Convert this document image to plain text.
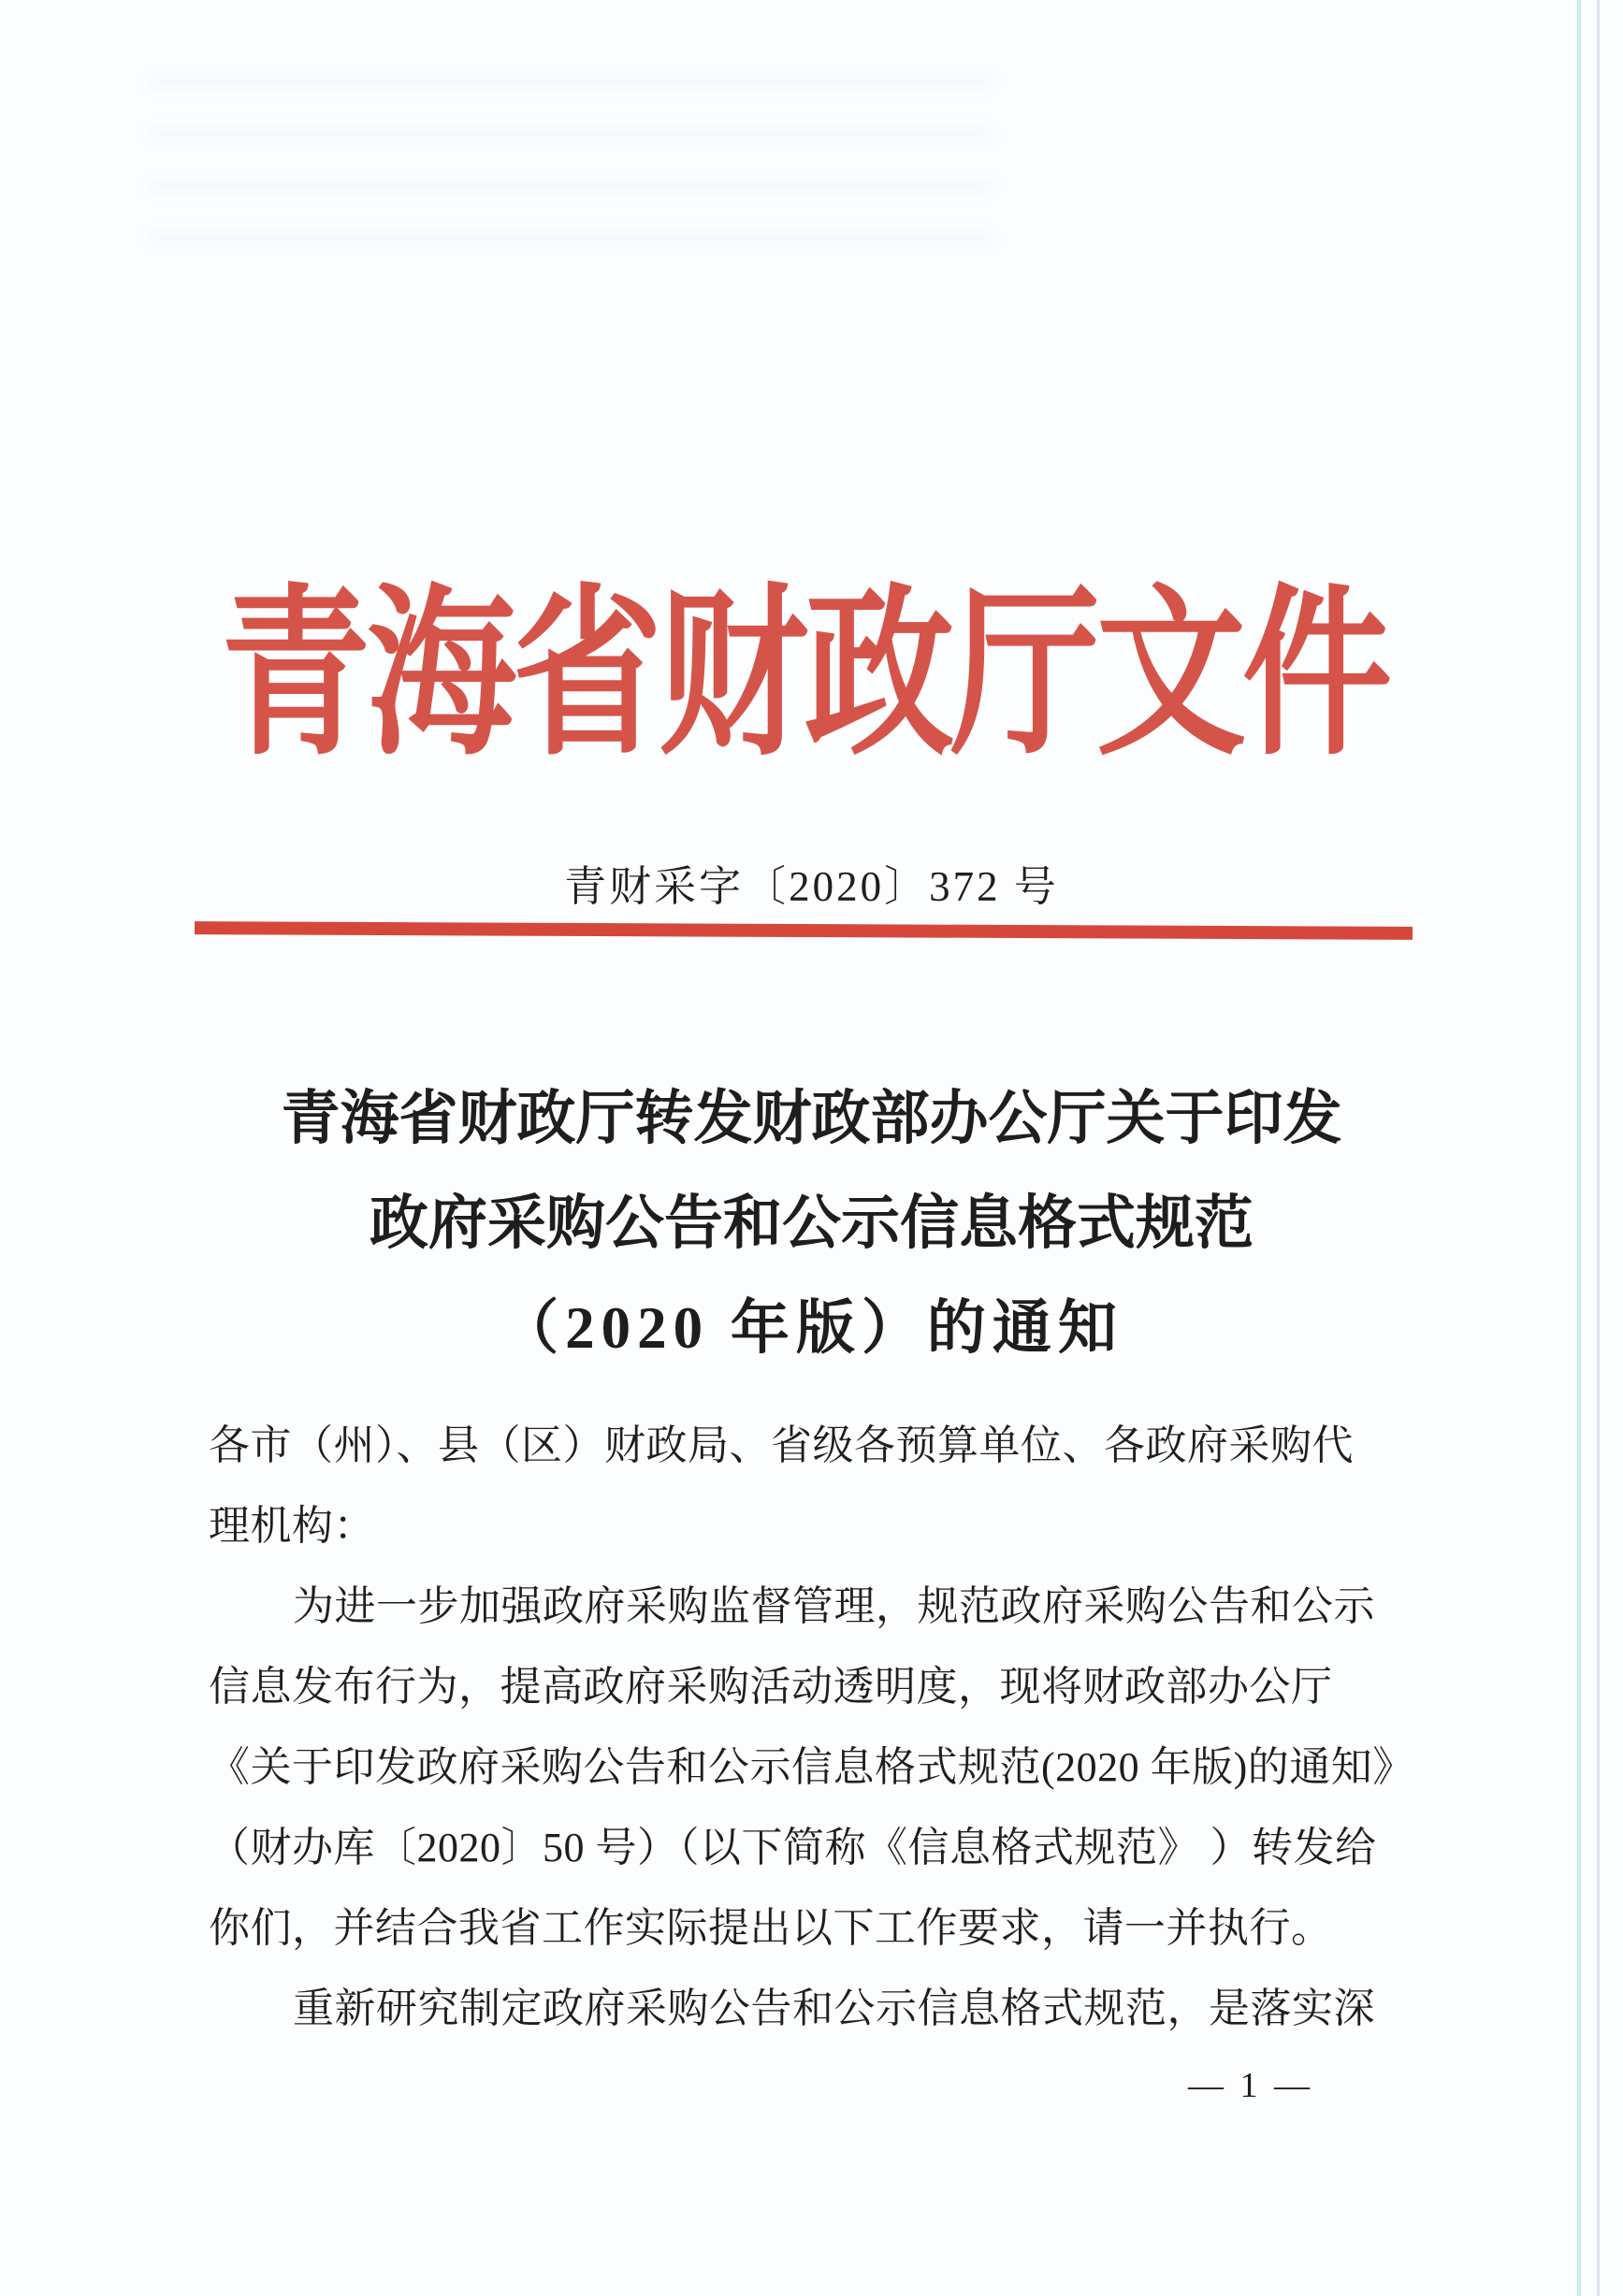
青海省财政厅文件
青财采字〔2020〕372 号
青海省财政厅转发财政部办公厅关于印发
政府采购公告和公示信息格式规范
（2020 年版）的通知
各市（州）、县（区）财政局、省级各预算单位、各政府采购代
理机构：
为进一步加强政府采购监督管理，规范政府采购公告和公示
信息发布行为，提高政府采购活动透明度，现将财政部办公厅
《关于印发政府采购公告和公示信息格式规范(2020 年版)的通知》
（财办库〔2020〕50 号）（以下简称《信息格式规范》 ）转发给
你们，并结合我省工作实际提出以下工作要求，请一并执行。
重新研究制定政府采购公告和公示信息格式规范，是落实深
— 1 —
